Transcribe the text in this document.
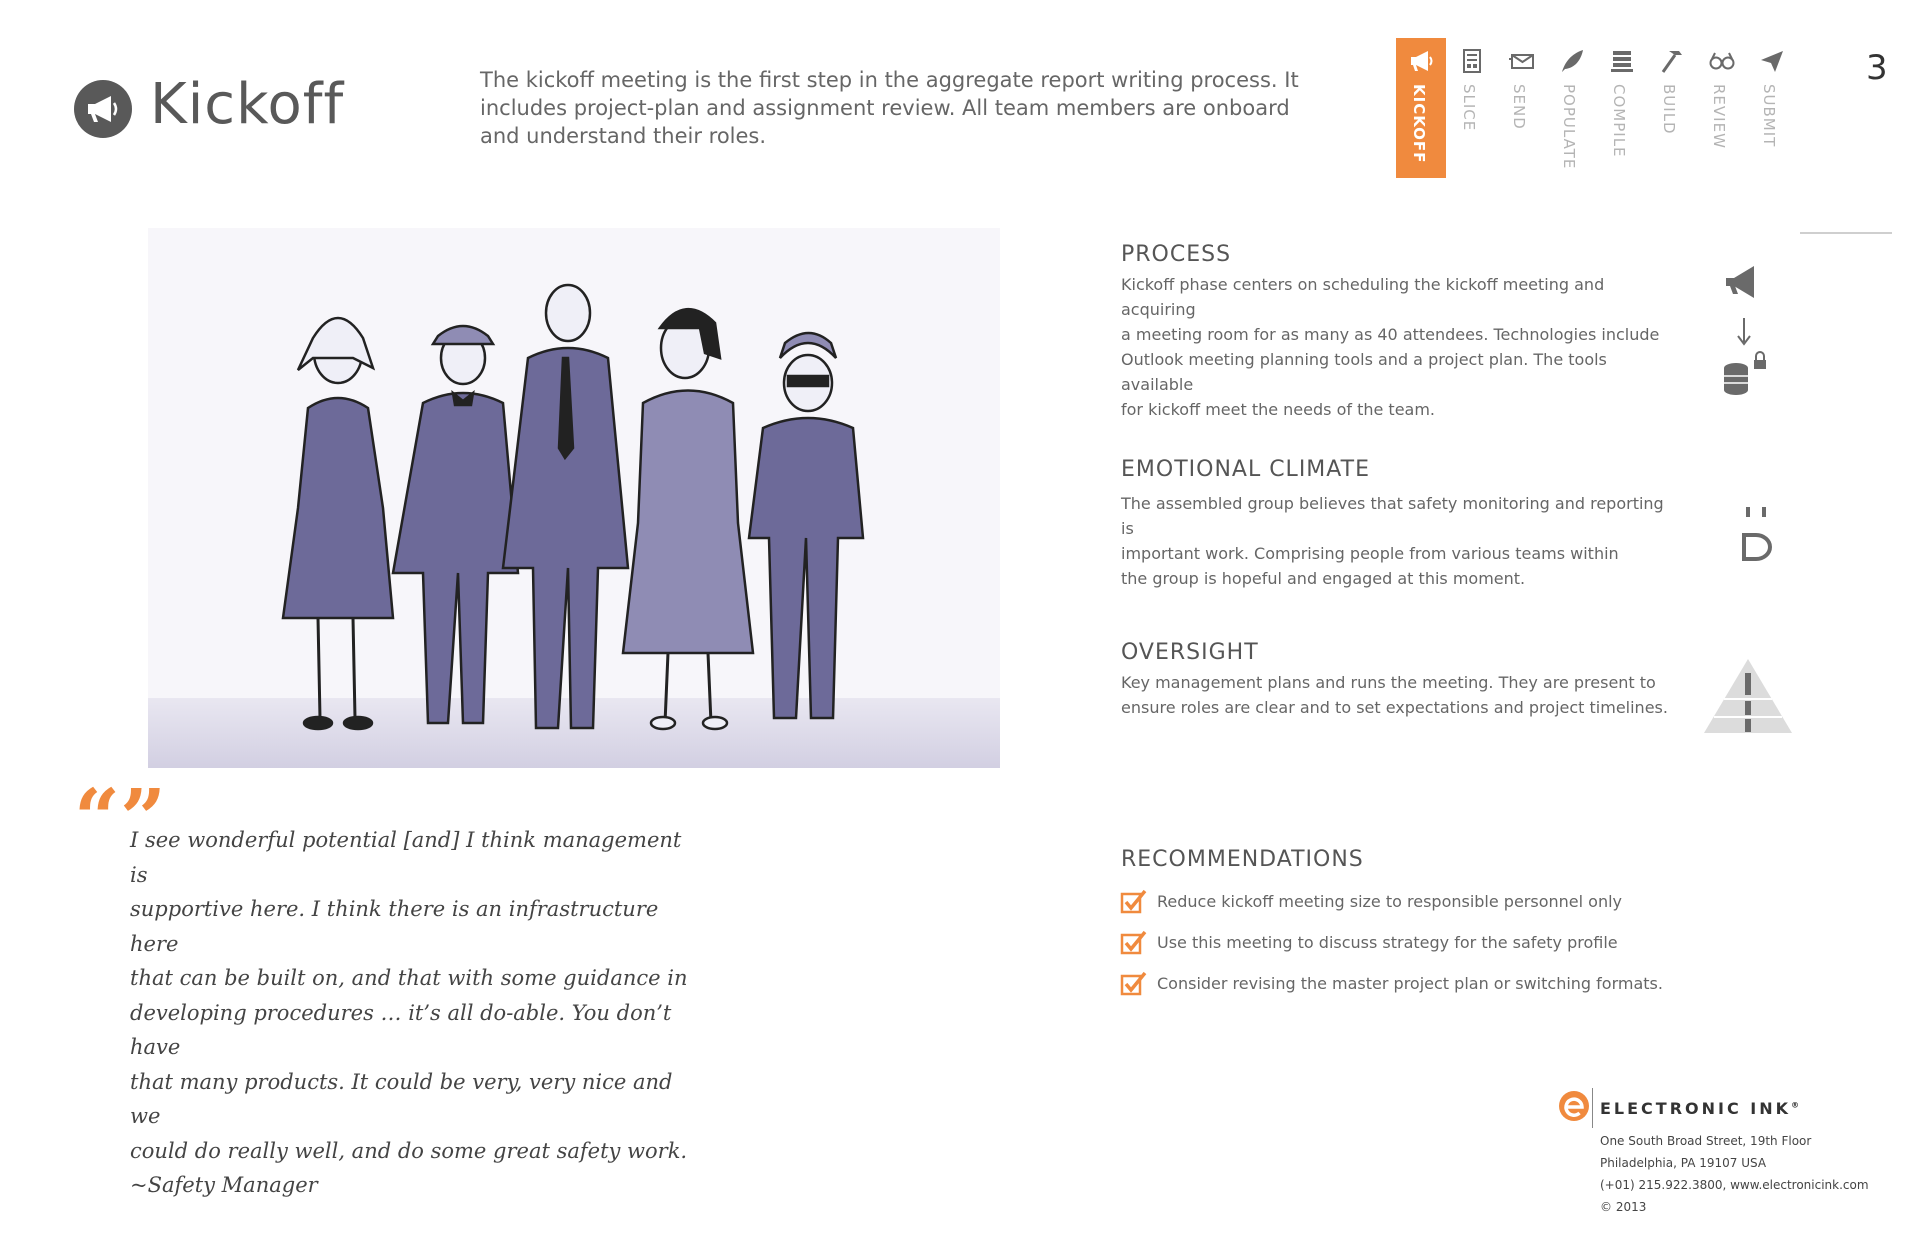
Kickoff	The kickoff meeting is the first step in the aggregate report writing process. It includes project-plan and assignment review. All team members are onboard and understand their roles.	KICKOFF SLICE SEND POPULATE COMPILE BUILD REVIEW SUBMIT
3
“”
I see wonderful potential [and] I think management is
supportive here. I think there is an infrastructure here
that can be built on, and that with some guidance in
developing procedures … it’s all do-able. You don’t have
that many products. It could be very, very nice and we
could do really well, and do some great safety work.
~Safety Manager
PROCESS
Kickoff phase centers on scheduling the kickoff meeting and acquiring
a meeting room for as many as 40 attendees. Technologies include
Outlook meeting planning tools and a project plan. The tools available
for kickoff meet the needs of the team.
EMOTIONAL CLIMATE
The assembled group believes that safety monitoring and reporting is
important work. Comprising people from various teams within
the group is hopeful and engaged at this moment.
OVERSIGHT
Key management plans and runs the meeting. They are present to
ensure roles are clear and to set expectations and project timelines.
RECOMMENDATIONS
Reduce kickoff meeting size to responsible personnel only
Use this meeting to discuss strategy for the safety profile
Consider revising the master project plan or switching formats.
ELECTRONIC INK®
One South Broad Street, 19th Floor
Philadelphia, PA 19107 USA
(+01) 215.922.3800, www.electronicink.com
© 2013
